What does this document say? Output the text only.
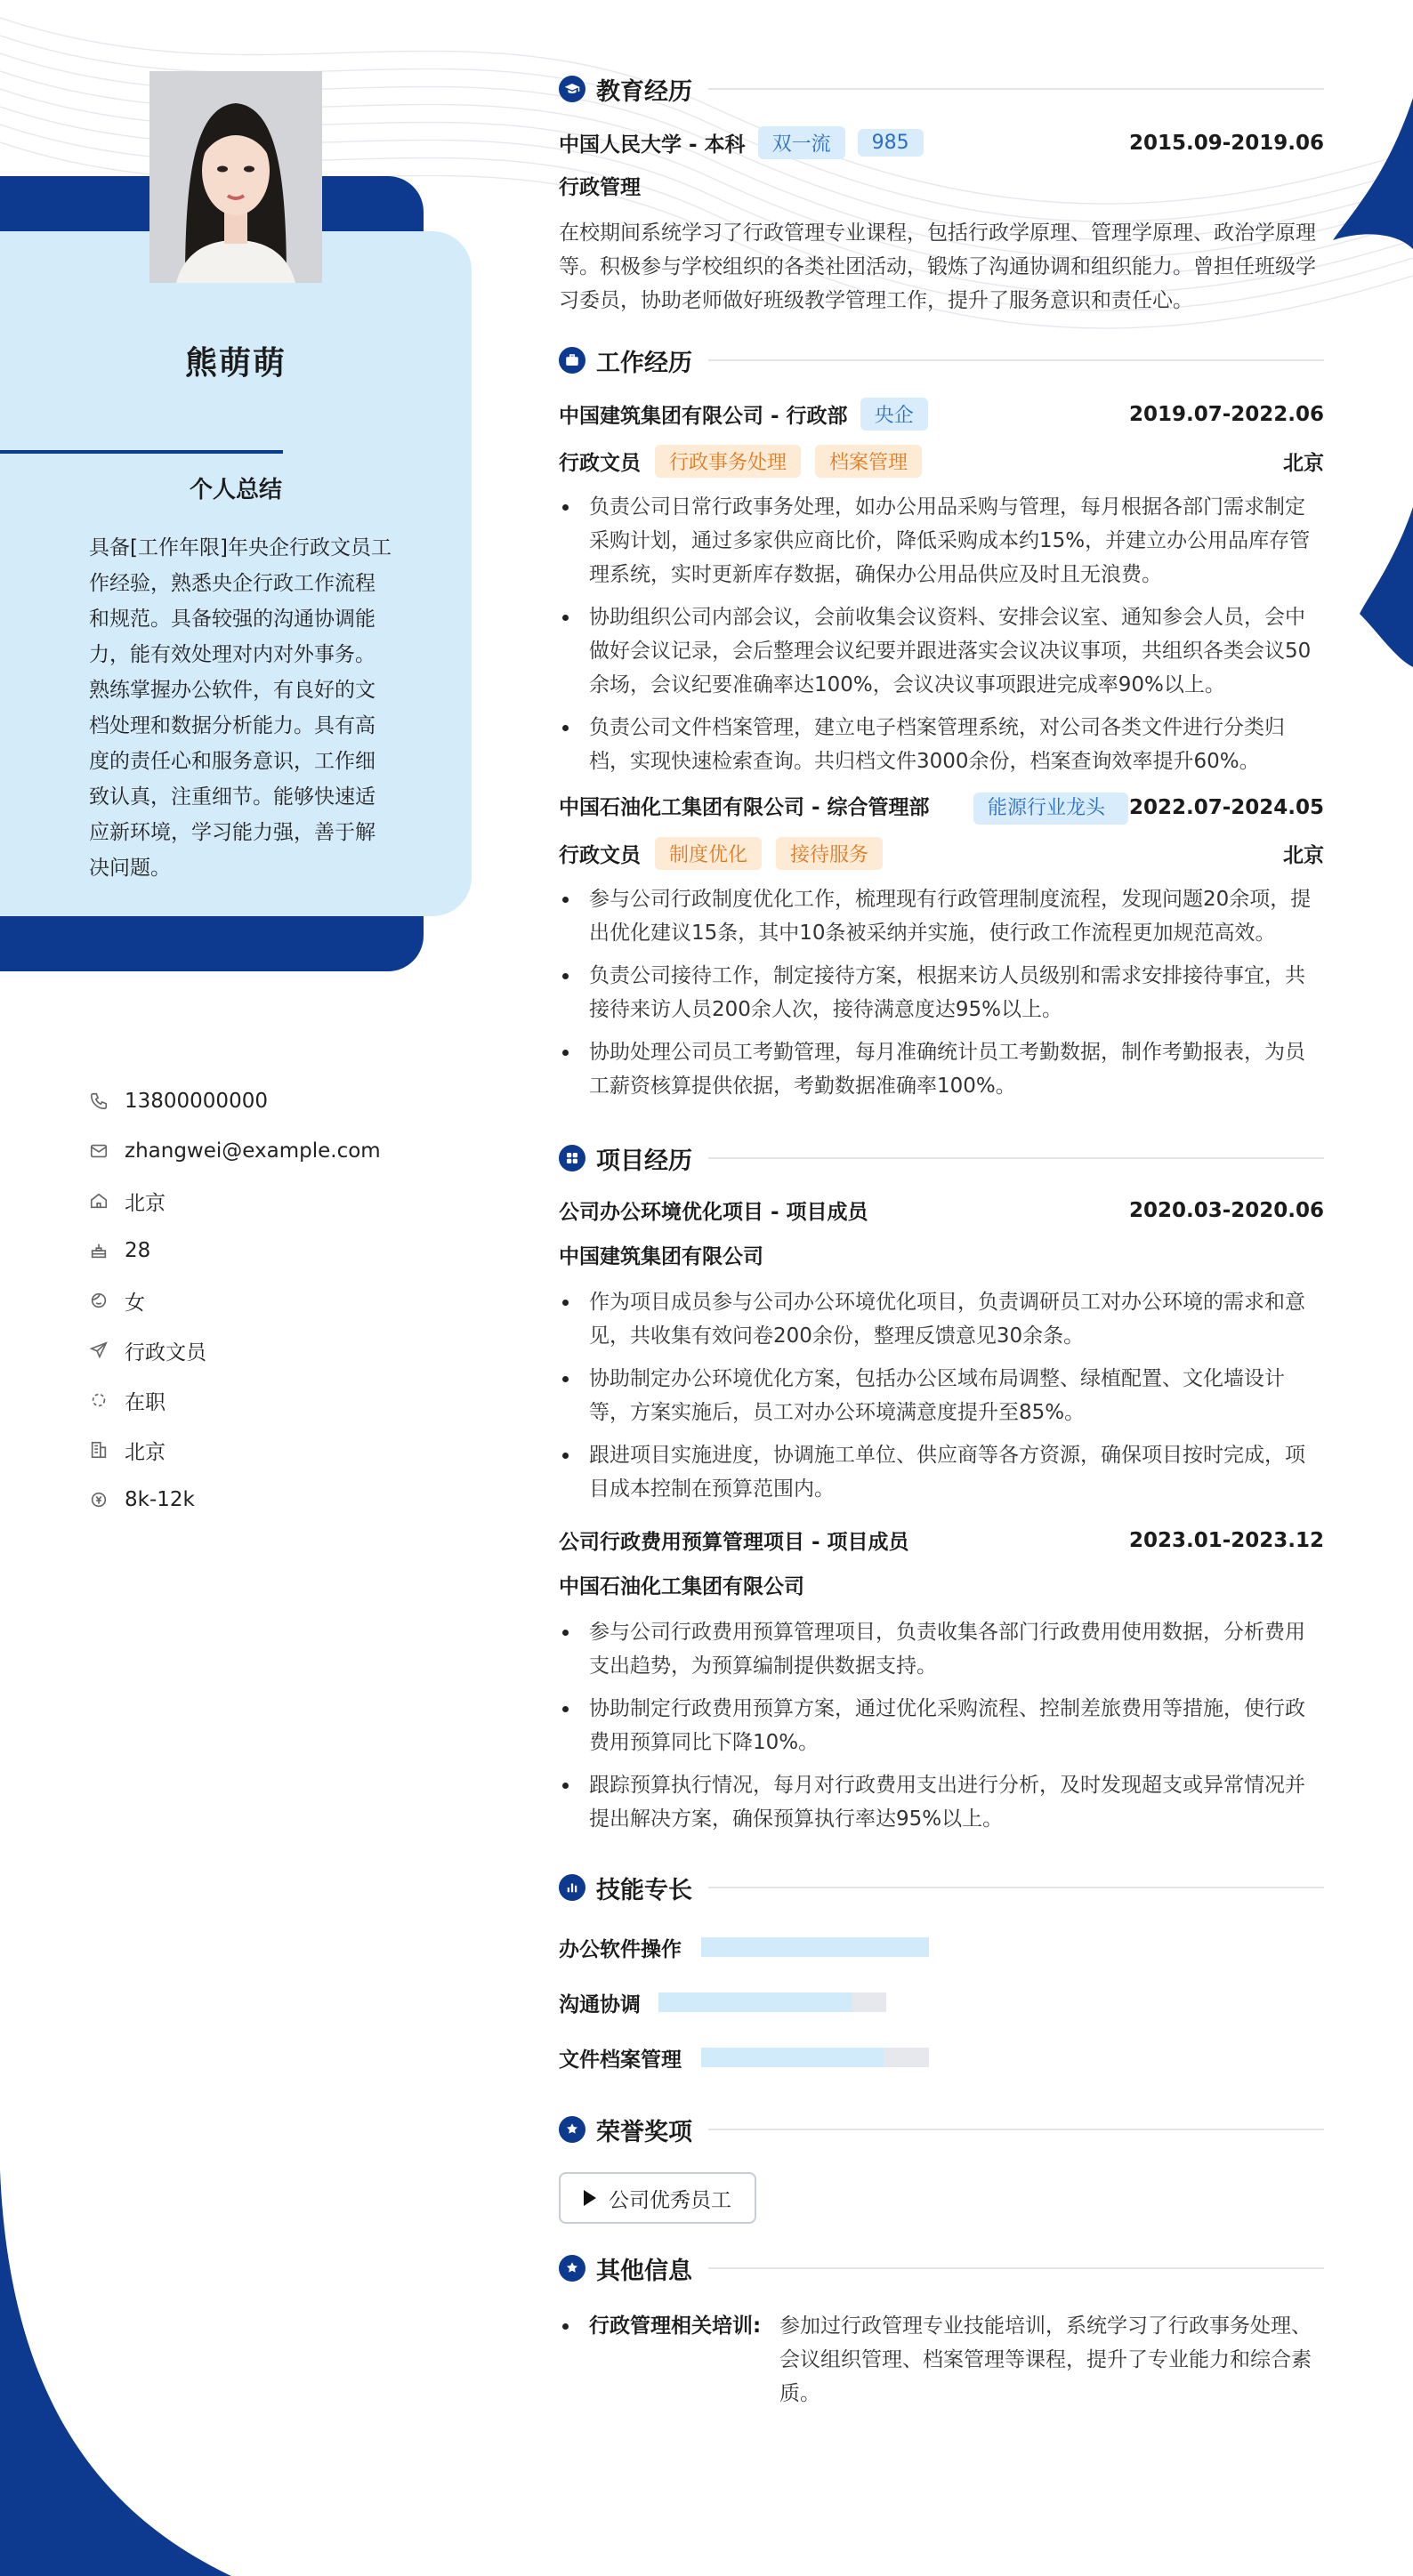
熊萌萌
个人总结
具备[工作年限]年央企行政文员工作经验，熟悉央企行政工作流程和规范。具备较强的沟通协调能力，能有效处理对内对外事务。熟练掌握办公软件，有良好的文档处理和数据分析能力。具有高度的责任心和服务意识，工作细致认真，注重细节。能够快速适应新环境，学习能力强，善于解决问题。
13800000000
zhangwei@example.com
北京
28
女
行政文员
在职
北京
8k-12k
教育经历
中国人民大学 - 本科	双一流	985	2015.09-2019.06
行政管理
在校期间系统学习了行政管理专业课程，包括行政学原理、管理学原理、政治学原理等。积极参与学校组织的各类社团活动，锻炼了沟通协调和组织能力。曾担任班级学习委员，协助老师做好班级教学管理工作，提升了服务意识和责任心。
工作经历
中国建筑集团有限公司 - 行政部	央企	2019.07-2022.06
行政文员	行政事务处理	档案管理	北京
负责公司日常行政事务处理，如办公用品采购与管理，每月根据各部门需求制定采购计划，通过多家供应商比价，降低采购成本约15%，并建立办公用品库存管理系统，实时更新库存数据，确保办公用品供应及时且无浪费。
协助组织公司内部会议，会前收集会议资料、安排会议室、通知参会人员，会中做好会议记录，会后整理会议纪要并跟进落实会议决议事项，共组织各类会议50余场，会议纪要准确率达100%，会议决议事项跟进完成率90%以上。
负责公司文件档案管理，建立电子档案管理系统，对公司各类文件进行分类归档，实现快速检索查询。共归档文件3000余份，档案查询效率提升60%。
中国石油化工集团有限公司 - 综合管理部	能源行业龙头	2022.07-2024.05
行政文员	制度优化	接待服务	北京
参与公司行政制度优化工作，梳理现有行政管理制度流程，发现问题20余项，提出优化建议15条，其中10条被采纳并实施，使行政工作流程更加规范高效。
负责公司接待工作，制定接待方案，根据来访人员级别和需求安排接待事宜，共接待来访人员200余人次，接待满意度达95%以上。
协助处理公司员工考勤管理，每月准确统计员工考勤数据，制作考勤报表，为员工薪资核算提供依据，考勤数据准确率100%。
项目经历
公司办公环境优化项目 - 项目成员	2020.03-2020.06
中国建筑集团有限公司
作为项目成员参与公司办公环境优化项目，负责调研员工对办公环境的需求和意见，共收集有效问卷200余份，整理反馈意见30余条。
协助制定办公环境优化方案，包括办公区域布局调整、绿植配置、文化墙设计等，方案实施后，员工对办公环境满意度提升至85%。
跟进项目实施进度，协调施工单位、供应商等各方资源，确保项目按时完成，项目成本控制在预算范围内。
公司行政费用预算管理项目 - 项目成员	2023.01-2023.12
中国石油化工集团有限公司
参与公司行政费用预算管理项目，负责收集各部门行政费用使用数据，分析费用支出趋势，为预算编制提供数据支持。
协助制定行政费用预算方案，通过优化采购流程、控制差旅费用等措施，使行政费用预算同比下降10%。
跟踪预算执行情况，每月对行政费用支出进行分析，及时发现超支或异常情况并提出解决方案，确保预算执行率达95%以上。
技能专长
办公软件操作
沟通协调
文件档案管理
荣誉奖项
公司优秀员工
其他信息
行政管理相关培训: 参加过行政管理专业技能培训，系统学习了行政事务处理、会议组织管理、档案管理等课程，提升了专业能力和综合素质。
